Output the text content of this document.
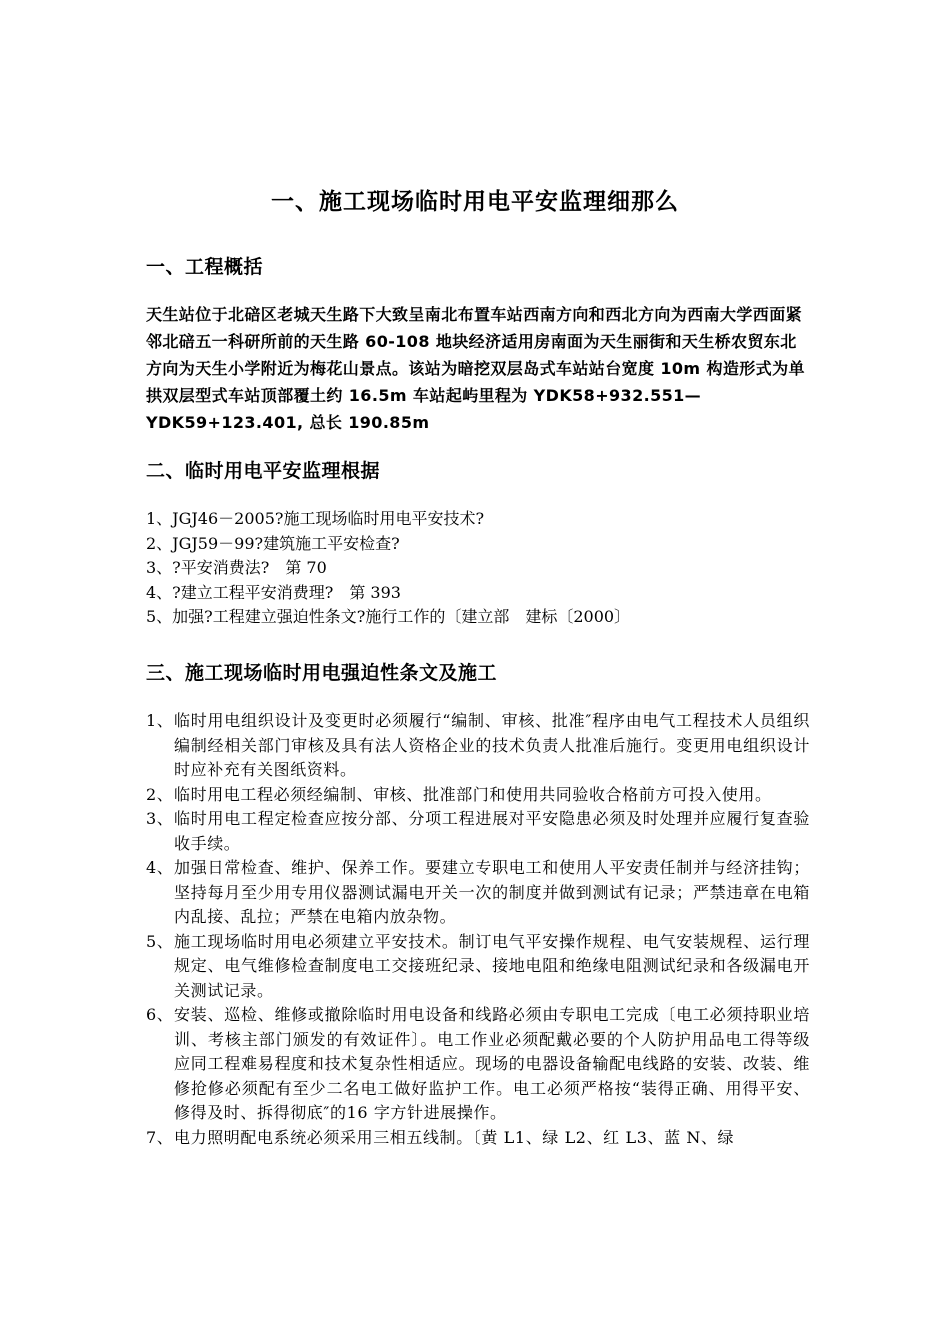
一、施工现场临时用电平安监理细那么
一、工程概括
天生站位于北碚区老城天生路下大致呈南北布置车站西南方向和西北方向为西南大学西面紧邻北碚五一科研所前的天生路 60-108 地块经济适用房南面为天生丽街和天生桥农贸东北方向为天生小学附近为梅花山景点。该站为暗挖双层岛式车站站台宽度 10m 构造形式为单拱双层型式车站顶部覆土约 16.5m 车站起屿里程为 YDK58+932.551—YDK59+123.401, 总长 190.85m
二、临时用电平安监理根据
1、JGJ46－2005?施工现场临时用电平安技术?
2、JGJ59－99?建筑施工平安检查?
3、?平安消费法?　第 70
4、?建立工程平安消费理?　第 393
5、加强?工程建立强迫性条文?施行工作的〔建立部　建标〔2000〕
三、施工现场临时用电强迫性条文及施工
1、 临时用电组织设计及变更时必须履行“编制、审核、批准″程序由电气工程技术人员组织编制经相关部门审核及具有法人资格企业的技术负责人批准后施行。变更用电组织设计时应补充有关图纸资料。
2、 临时用电工程必须经编制、审核、批准部门和使用共同验收合格前方可投入使用。
3、 临时用电工程定检查应按分部、分项工程进展对平安隐患必须及时处理并应履行复查验收手续。
4、 加强日常检查、维护、保养工作。要建立专职电工和使用人平安责任制并与经济挂钩；坚持每月至少用专用仪器测试漏电开关一次的制度并做到测试有记录；严禁违章在电箱内乱接、乱拉；严禁在电箱内放杂物。
5、 施工现场临时用电必须建立平安技术。制订电气平安操作规程、电气安装规程、运行理规定、电气维修检查制度电工交接班纪录、接地电阻和绝缘电阻测试纪录和各级漏电开关测试记录。
6、 安装、巡检、维修或撤除临时用电设备和线路必须由专职电工完成〔电工必须持职业培训、考核主部门颁发的有效证件〕。电工作业必须配戴必要的个人防护用品电工得等级应同工程难易程度和技术复杂性相适应。现场的电器设备输配电线路的安装、改装、维修抢修必须配有至少二名电工做好监护工作。电工必须严格按“装得正确、用得平安、修得及时、拆得彻底″的16 字方针进展操作。
7、 电力照明配电系统必须采用三相五线制。〔黄 L1、绿 L2、红 L3、蓝 N、绿
